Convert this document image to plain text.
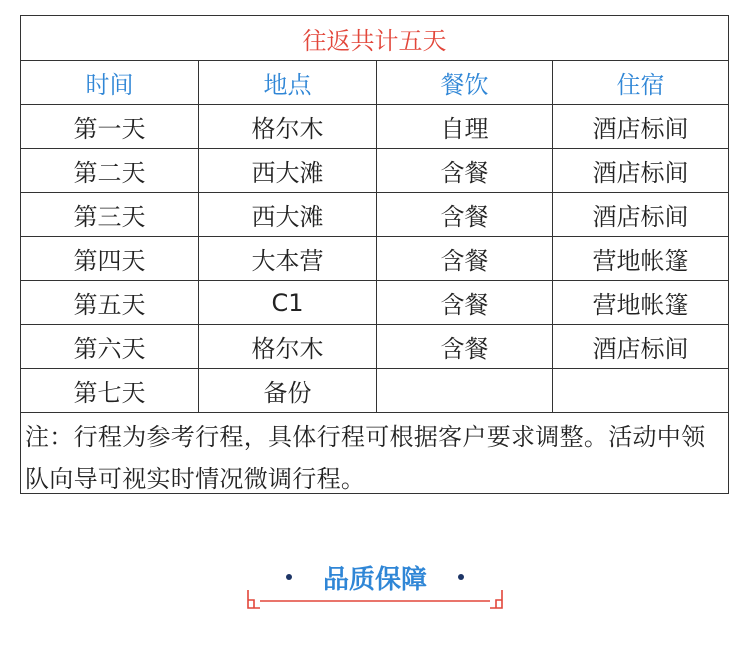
往返共计五天
时间	地点	餐饮	住宿
第一天	格尔木	自理	酒店标间
第二天	西大滩	含餐	酒店标间
第三天	西大滩	含餐	酒店标间
第四天	大本营	含餐	营地帐篷
第五天	C1	含餐	营地帐篷
第六天	格尔木	含餐	酒店标间
第七天	备份
注：行程为参考行程，具体行程可根据客户要求调整。活动中领队向导可视实时情况微调行程。
品质保障
